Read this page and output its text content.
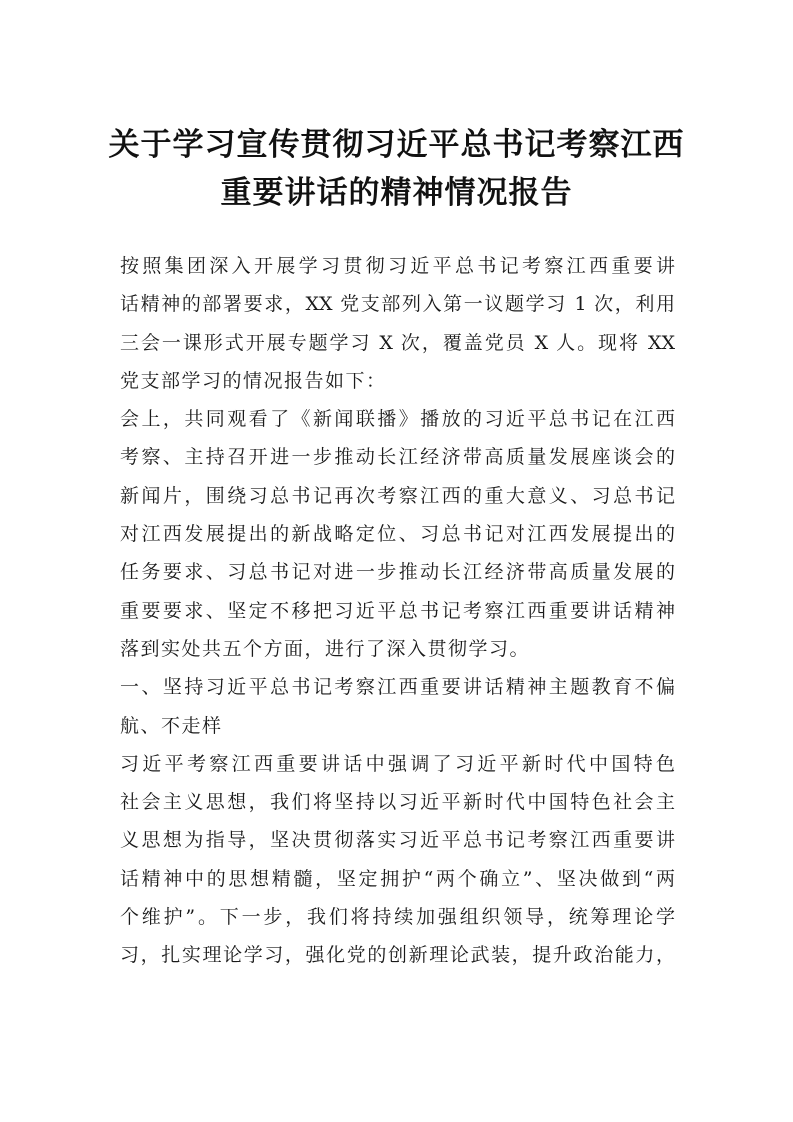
关于学习宣传贯彻习近平总书记考察江西
重要讲话的精神情况报告
按照集团深入开展学习贯彻习近平总书记考察江西重要讲
话精神的部署要求，XX 党支部列入第一议题学习 1 次，利用
三会一课形式开展专题学习 X 次，覆盖党员 X 人。现将 XX
党支部学习的情况报告如下：
会上，共同观看了《新闻联播》播放的习近平总书记在江西
考察、主持召开进一步推动长江经济带高质量发展座谈会的
新闻片，围绕习总书记再次考察江西的重大意义、习总书记
对江西发展提出的新战略定位、习总书记对江西发展提出的
任务要求、习总书记对进一步推动长江经济带高质量发展的
重要要求、坚定不移把习近平总书记考察江西重要讲话精神
落到实处共五个方面，进行了深入贯彻学习。
一、坚持习近平总书记考察江西重要讲话精神主题教育不偏
航、不走样
习近平考察江西重要讲话中强调了习近平新时代中国特色
社会主义思想，我们将坚持以习近平新时代中国特色社会主
义思想为指导，坚决贯彻落实习近平总书记考察江西重要讲
话精神中的思想精髓，坚定拥护“两个确立”、坚决做到“两
个维护”。下一步，我们将持续加强组织领导，统筹理论学
习，扎实理论学习，强化党的创新理论武装，提升政治能力，
